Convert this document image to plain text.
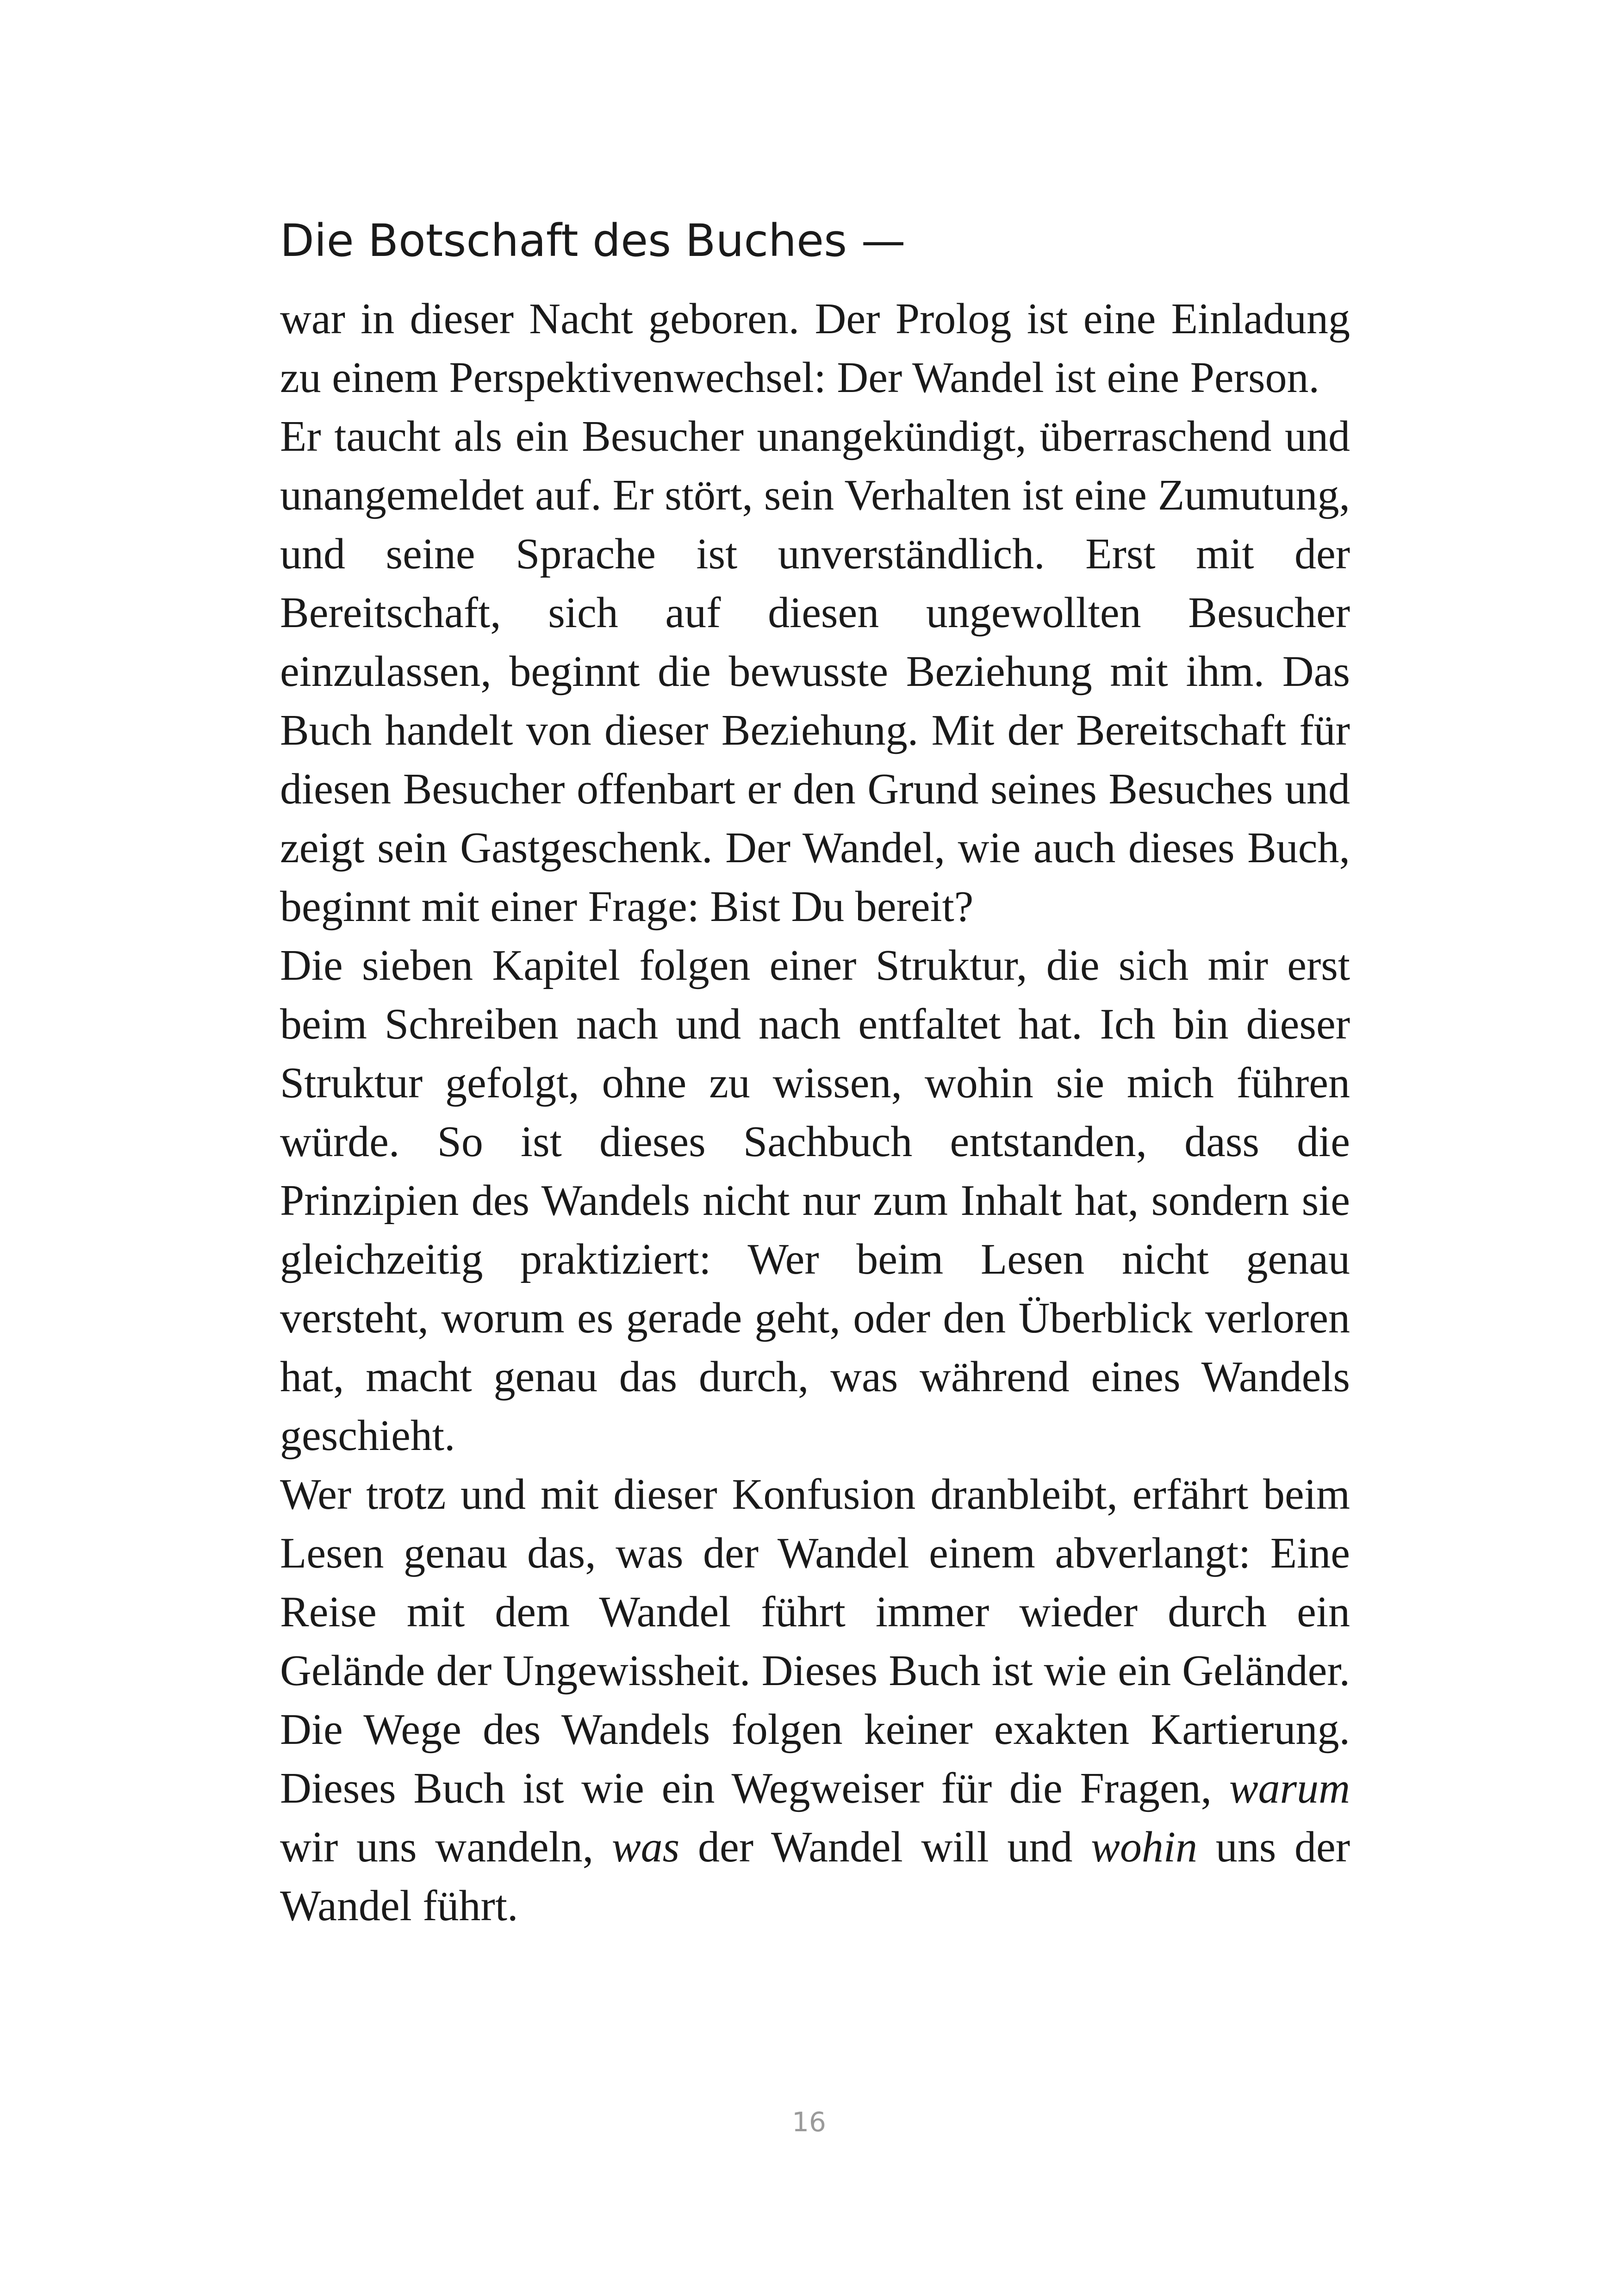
Die Botschaft des Buches —

war in dieser Nacht geboren. Der Prolog ist eine Einladung zu einem Perspektivenwechsel: Der Wandel ist eine Person.

Er taucht als ein Besucher unangekündigt, überraschend und unangemeldet auf. Er stört, sein Verhalten ist eine Zumutung, und seine Sprache ist unverständlich. Erst mit der Bereitschaft, sich auf diesen ungewollten Besucher einzulassen, beginnt die bewusste Beziehung mit ihm. Das Buch handelt von dieser Beziehung. Mit der Bereitschaft für diesen Besucher offenbart er den Grund seines Besuches und zeigt sein Gastgeschenk. Der Wandel, wie auch dieses Buch, beginnt mit einer Frage: Bist Du bereit?

Die sieben Kapitel folgen einer Struktur, die sich mir erst beim Schreiben nach und nach entfaltet hat. Ich bin dieser Struktur gefolgt, ohne zu wissen, wohin sie mich führen würde. So ist dieses Sachbuch entstanden, dass die Prinzipien des Wandels nicht nur zum Inhalt hat, sondern sie gleichzeitig praktiziert: Wer beim Lesen nicht genau versteht, worum es gerade geht, oder den Überblick verloren hat, macht genau das durch, was während eines Wandels geschieht.

Wer trotz und mit dieser Konfusion dranbleibt, erfährt beim Lesen genau das, was der Wandel einem abverlangt: Eine Reise mit dem Wandel führt immer wieder durch ein Gelände der Ungewissheit. Dieses Buch ist wie ein Geländer. Die Wege des Wandels folgen keiner exakten Kartierung. Dieses Buch ist wie ein Wegweiser für die Fragen, warum wir uns wandeln, was der Wandel will und wohin uns der Wandel führt.

16
